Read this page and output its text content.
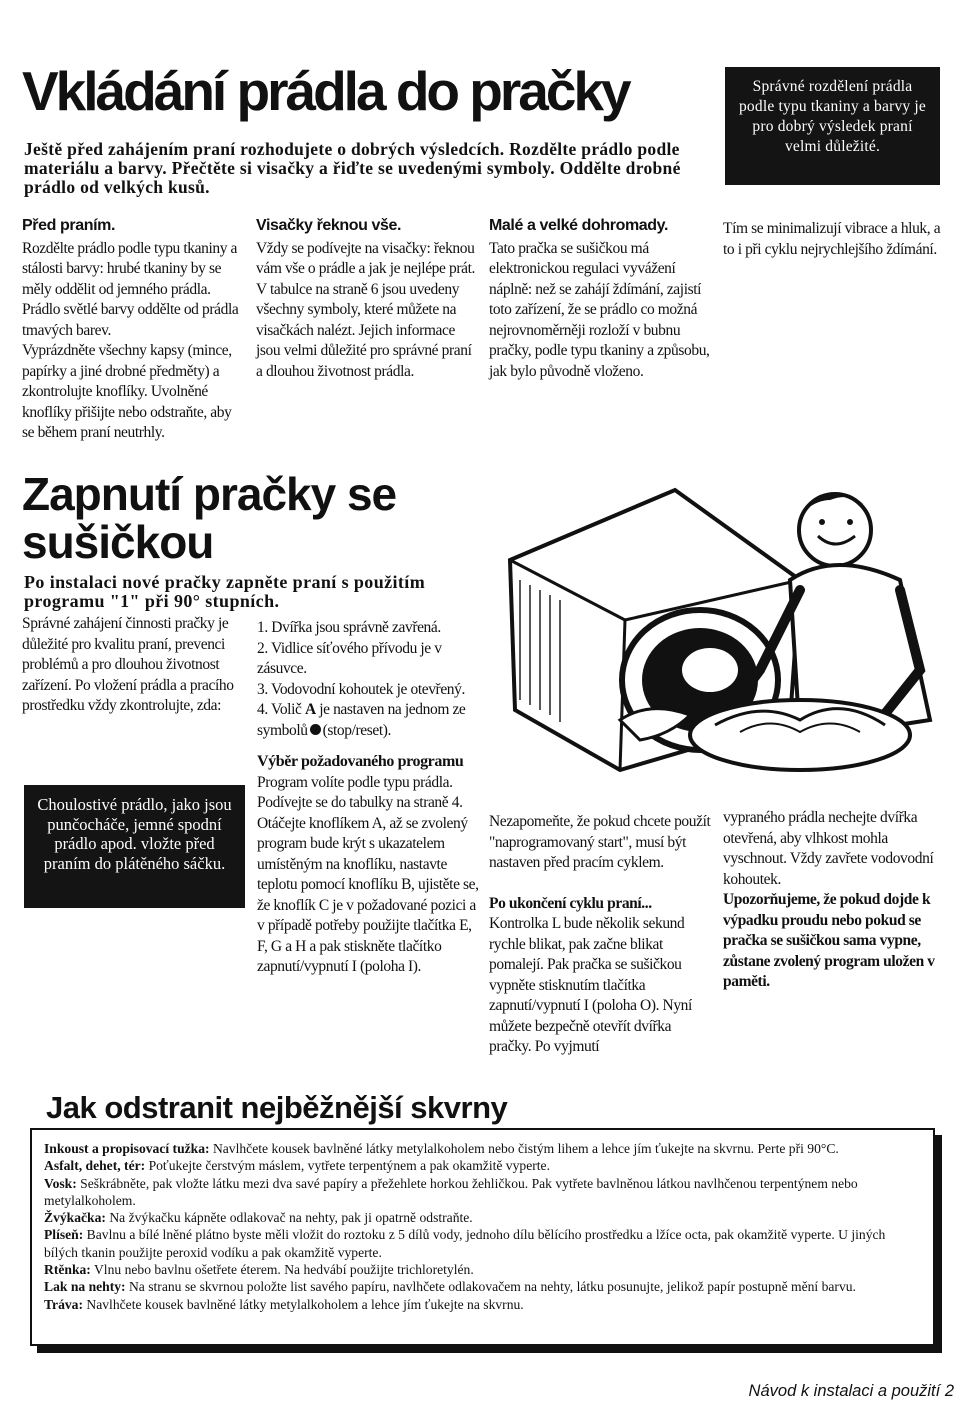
Vkládání prádla do pračky
Ještě před zahájením praní rozhodujete o dobrých výsledcích. Rozdělte prádlo podle materiálu a barvy. Přečtěte si visačky a řiďte se uvedenými symboly. Oddělte drobné prádlo od velkých kusů.
Správné rozdělení prádla podle typu tkaniny a barvy je pro dobrý výsledek praní velmi důležité.
Před praním.

Rozdělte prádlo podle typu tkaniny a stálosti barvy: hrubé tkaniny by se měly oddělit od jemného prádla.

Prádlo světlé barvy oddělte od prádla tmavých barev.

Vyprázdněte všechny kapsy (mince, papírky a jiné drobné předměty) a zkontrolujte knoflíky. Uvolněné knoflíky přišijte nebo odstraňte, aby se během praní neutrhly.

Visačky řeknou vše.

Vždy se podívejte na visačky: řeknou vám vše o prádle a jak je nejlépe prát.

V tabulce na straně 6 jsou uvedeny všechny symboly, které můžete na visačkách nalézt. Jejich informace jsou velmi důležité pro správné praní a dlouhou životnost prádla.

Malé a velké dohromady.

Tato pračka se sušičkou má elektronickou regulaci vyvážení náplně: než se zahájí ždímání, zajistí toto zařízení, že se prádlo co možná nejrovnoměrněji rozloží v bubnu pračky, podle typu tkaniny a způsobu, jak bylo původně vloženo.

Tím se minimalizují vibrace a hluk, a to i při cyklu nejrychlejšího ždímání.

Zapnutí pračky se
sušičkou
Po instalaci nové pračky zapněte praní s použitím programu "1" při 90° stupních.

Správné zahájení činnosti pračky je důležité pro kvalitu praní, prevenci problémů a pro dlouhou životnost zařízení. Po vložení prádla a pracího prostředku vždy zkontrolujte, zda:

1. Dvířka jsou správně zavřená.

2. Vidlice síťového přívodu je v zásuvce.

3. Vodovodní kohoutek je otevřený.

4. Volič A je nastaven na jednom ze symbolů (stop/reset).

Choulostivé prádlo, jako jsou punčocháče, jemné spodní prádlo apod. vložte před praním do plátěného sáčku.
Výběr požadovaného programu

Program volíte podle typu prádla. Podívejte se do tabulky na straně 4. Otáčejte knoflíkem A, až se zvolený program bude krýt s ukazatelem umístěným na knoflíku, nastavte teplotu pomocí knoflíku B, ujistěte se, že knoflík C je v požadované pozici a v případě potřeby použijte tlačítka E, F, G a H a pak stiskněte tlačítko zapnutí/vypnutí I (poloha I).

Nezapomeňte, že pokud chcete použít "naprogramovaný start", musí být nastaven před pracím cyklem.

Po ukončení cyklu praní...

Kontrolka L bude několik sekund rychle blikat, pak začne blikat pomalejí. Pak pračka se sušičkou vypněte stisknutím tlačítka zapnutí/vypnutí I (poloha O). Nyní můžete bezpečně otevřít dvířka pračky. Po vyjmutí

vypraného prádla nechejte dvířka otevřená, aby vlhkost mohla vyschnout. Vždy zavřete vodovodní kohoutek.

Upozorňujeme, že pokud dojde k výpadku proudu nebo pokud se pračka se sušičkou sama vypne, zůstane zvolený program uložen v paměti.

Jak odstranit nejběžnější skvrny

Inkoust a propisovací tužka: Navlhčete kousek bavlněné látky metylalkoholem nebo čistým lihem a lehce jím ťukejte na skvrnu. Perte při 90°C.

Asfalt, dehet, tér: Poťukejte čerstvým máslem, vytřete terpentýnem a pak okamžitě vyperte.

Vosk: Seškrábněte, pak vložte látku mezi dva savé papíry a přežehlete horkou žehličkou. Pak vytřete bavlněnou látkou navlhčenou terpentýnem nebo metylalkoholem.

Žvýkačka: Na žvýkačku kápněte odlakovač na nehty, pak ji opatrně odstraňte.

Plíseň: Bavlnu a bílé lněné plátno byste měli vložit do roztoku z 5 dílů vody, jednoho dílu bělícího prostředku a lžíce octa, pak okamžitě vyperte. U jiných bílých tkanin použijte peroxid vodíku a pak okamžitě vyperte.

Rtěnka: Vlnu nebo bavlnu ošetřete éterem. Na hedvábí použijte trichloretylén.

Lak na nehty: Na stranu se skvrnou položte list savého papíru, navlhčete odlakovačem na nehty, látku posunujte, jelikož papír postupně mění barvu.

Tráva: Navlhčete kousek bavlněné látky metylalkoholem a lehce jím ťukejte na skvrnu.

Návod k instalaci a použití 2
